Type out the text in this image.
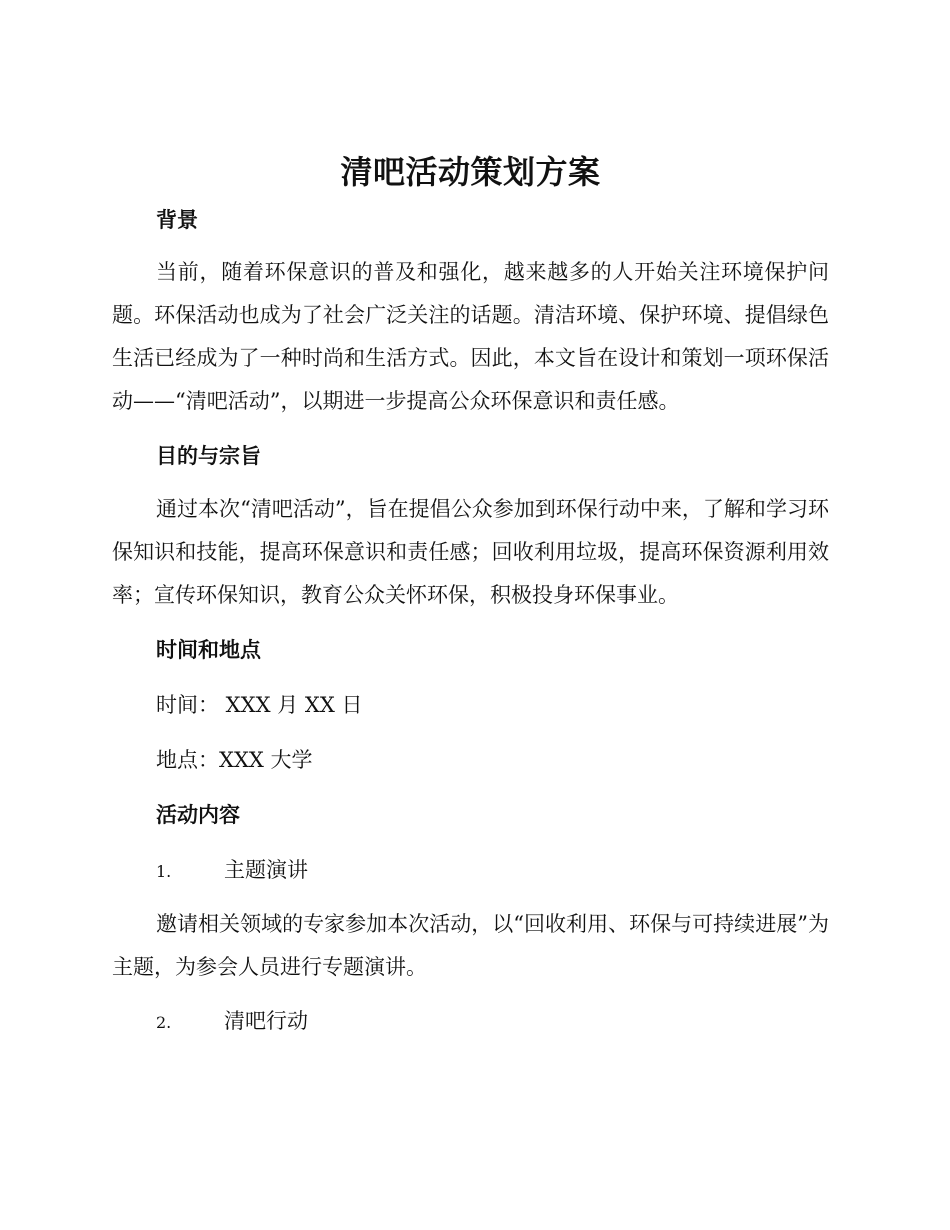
清吧活动策划方案
背景

当前，随着环保意识的普及和强化，越来越多的人开始关注环境保护问题。环保活动也成为了社会广泛关注的话题。清洁环境、保护环境、提倡绿色生活已经成为了一种时尚和生活方式。因此，本文旨在设计和策划一项环保活动——“清吧活动”，以期进一步提高公众环保意识和责任感。

目的与宗旨

通过本次“清吧活动”，旨在提倡公众参加到环保行动中来，了解和学习环保知识和技能，提高环保意识和责任感；回收利用垃圾，提高环保资源利用效率；宣传环保知识，教育公众关怀环保，积极投身环保事业。

时间和地点
时间： XXX 月 XX 日
地点：XXX 大学
活动内容
1.	主题演讲

邀请相关领域的专家参加本次活动，以“回收利用、环保与可持续进展”为主题，为参会人员进行专题演讲。

2.	清吧行动
